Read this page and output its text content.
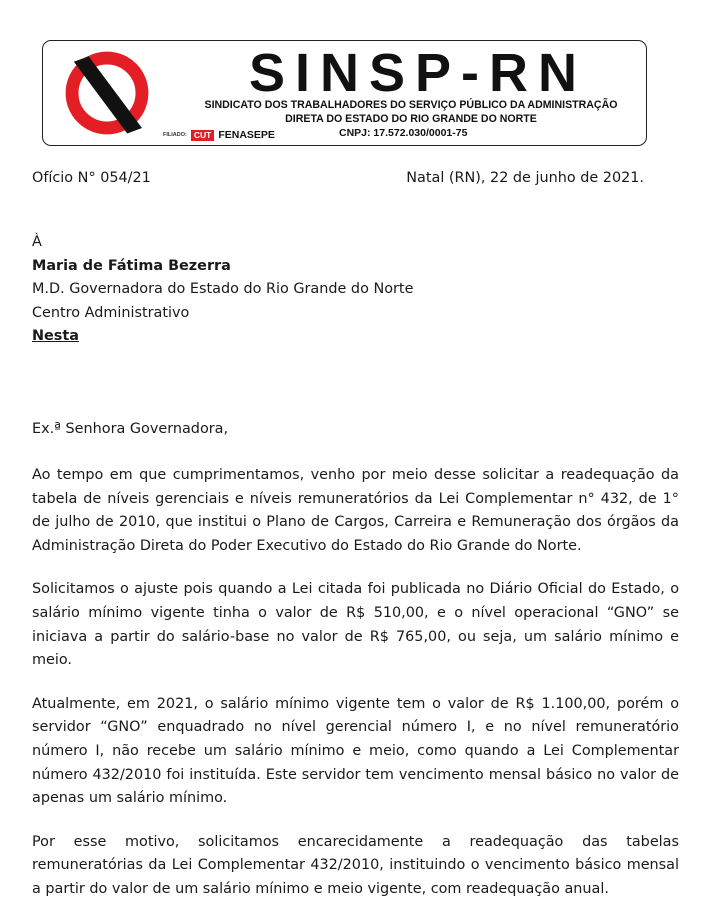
SINSP-RN
SINDICATO DOS TRABALHADORES DO SERVIÇO PÚBLICO DA ADMINISTRAÇÃO
DIRETA DO ESTADO DO RIO GRANDE DO NORTE
FILIADO: CUT FENASEPE	CNPJ: 17.572.030/0001-75
Ofício N° 054/21	Natal (RN), 22 de junho de 2021.
À
Maria de Fátima Bezerra
M.D. Governadora do Estado do Rio Grande do Norte
Centro Administrativo
Nesta
Ex.ª Senhora Governadora,

Ao tempo em que cumprimentamos, venho por meio desse solicitar a readequação da tabela de níveis gerenciais e níveis remuneratórios da Lei Complementar n° 432, de 1° de julho de 2010, que institui o Plano de Cargos, Carreira e Remuneração dos órgãos da Administração Direta do Poder Executivo do Estado do Rio Grande do Norte.

Solicitamos o ajuste pois quando a Lei citada foi publicada no Diário Oficial do Estado, o salário mínimo vigente tinha o valor de R$ 510,00, e o nível operacional “GNO” se iniciava a partir do salário-base no valor de R$ 765,00, ou seja, um salário mínimo e meio.

Atualmente, em 2021, o salário mínimo vigente tem o valor de R$ 1.100,00, porém o servidor “GNO” enquadrado no nível gerencial número I, e no nível remuneratório número I, não recebe um salário mínimo e meio, como quando a Lei Complementar número 432/2010 foi instituída. Este servidor tem vencimento mensal básico no valor de apenas um salário mínimo.

Por esse motivo, solicitamos encarecidamente a readequação das tabelas remuneratórias da Lei Complementar 432/2010, instituindo o vencimento básico mensal a partir do valor de um salário mínimo e meio vigente, com readequação anual.
